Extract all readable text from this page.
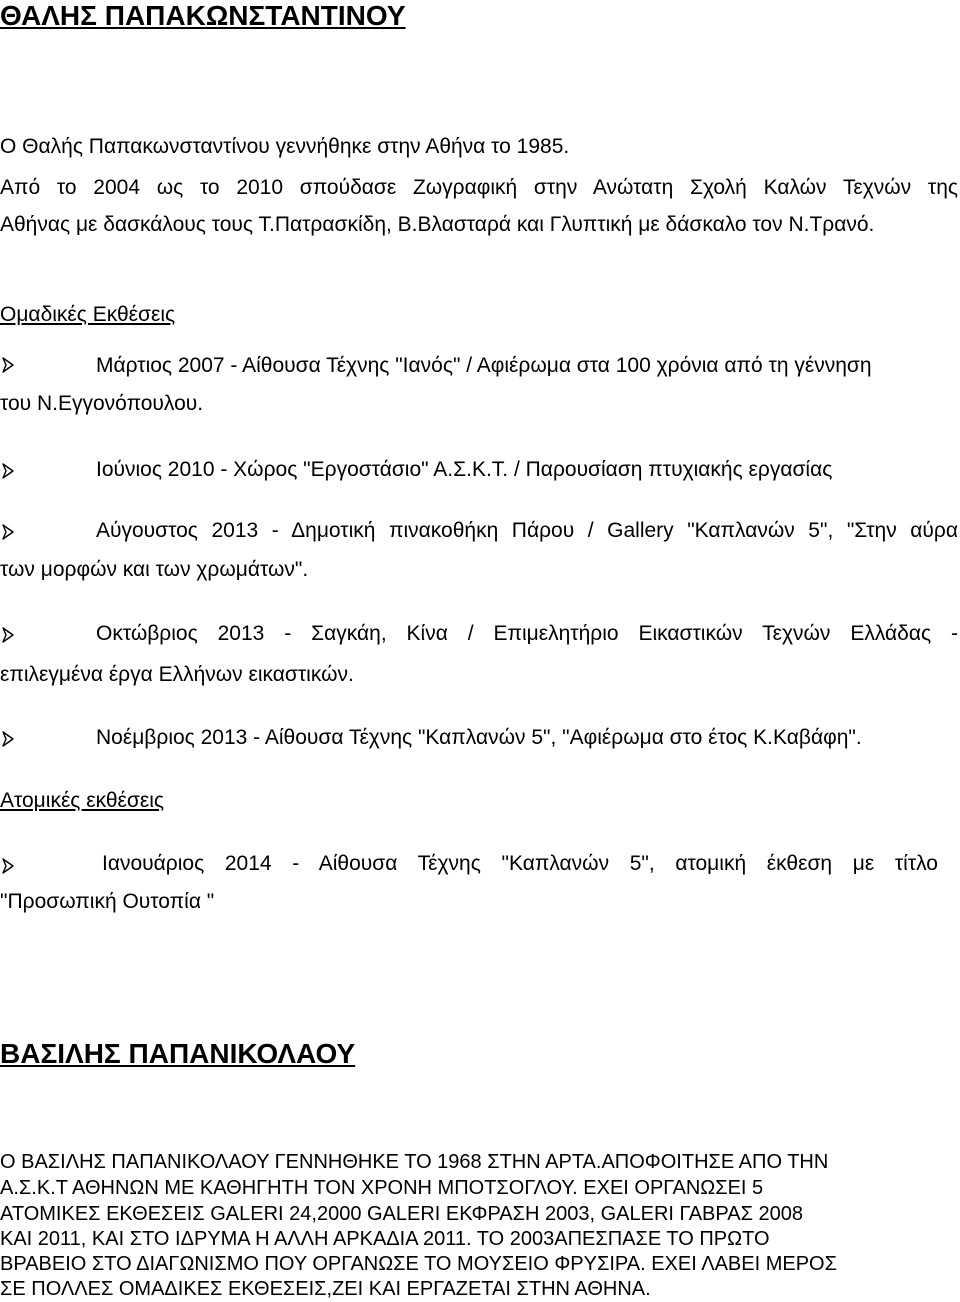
ΘΑΛΗΣ ΠΑΠΑΚΩΝΣΤΑΝΤΙΝΟΥ
Ο Θαλής Παπακωνσταντίνου γεννήθηκε στην Αθήνα το 1985.
Από το 2004 ως το 2010 σπούδασε Ζωγραφική στην Ανώτατη Σχολή Καλών Τεχνών της
Αθήνας με δασκάλους τους Τ.Πατρασκίδη, Β.Βλασταρά και Γλυπτική με δάσκαλο τον Ν.Τρανό.
Ομαδικές Εκθέσεις
Μάρτιος 2007 - Αίθουσα Τέχνης "Ιανός" / Αφιέρωμα στα 100 χρόνια από τη γέννηση
του Ν.Εγγονόπουλου.
Ιούνιος 2010 - Χώρος "Εργοστάσιο" Α.Σ.Κ.Τ. / Παρουσίαση πτυχιακής εργασίας
Αύγουστος 2013 - Δημοτική πινακοθήκη Πάρου / Gallery "Καπλανών 5", "Στην αύρα
των μορφών και των χρωμάτων".
Οκτώβριος 2013 - Σαγκάη, Κίνα / Επιμελητήριο Εικαστικών Τεχνών Ελλάδας -
επιλεγμένα έργα Ελλήνων εικαστικών.
Νοέμβριος 2013 - Αίθουσα Τέχνης "Καπλανών 5", "Αφιέρωμα στο έτος Κ.Καβάφη".
Ατομικές εκθέσεις
Ιανουάριος 2014 - Αίθουσα Τέχνης "Καπλανών 5", ατομική έκθεση με τίτλο
"Προσωπική Ουτοπία "
ΒΑΣΙΛΗΣ ΠΑΠΑΝΙΚΟΛΑΟΥ
Ο ΒΑΣΙΛΗΣ ΠΑΠΑΝΙΚΟΛΑΟΥ ΓΕΝΝΗΘΗΚΕ ΤΟ 1968 ΣΤΗΝ ΑΡΤΑ.ΑΠΟΦΟΙΤΗΣΕ ΑΠΟ ΤΗΝ
Α.Σ.Κ.Τ ΑΘΗΝΩΝ ΜΕ ΚΑΘΗΓΗΤΗ ΤΟΝ ΧΡΟΝΗ ΜΠΟΤΣΟΓΛΟΥ. ΕΧΕΙ ΟΡΓΑΝΩΣΕΙ 5
ΑΤΟΜΙΚΕΣ ΕΚΘΕΣΕΙΣ GALERI 24,2000 GALERI ΕΚΦΡΑΣΗ 2003, GALERI ΓΑΒΡΑΣ 2008
ΚΑΙ 2011, ΚΑΙ ΣΤΟ ΙΔΡΥΜΑ Η ΑΛΛΗ ΑΡΚΑΔΙΑ 2011. ΤΟ 2003ΑΠΕΣΠΑΣΕ ΤΟ ΠΡΩΤΟ
ΒΡΑΒΕΙΟ ΣΤΟ ΔΙΑΓΩΝΙΣΜΟ ΠΟΥ ΟΡΓΑΝΩΣΕ ΤΟ ΜΟΥΣΕΙΟ ΦΡΥΣΙΡΑ. ΕΧΕΙ ΛΑΒΕΙ ΜΕΡΟΣ
ΣΕ ΠΟΛΛΕΣ ΟΜΑΔΙΚΕΣ ΕΚΘΕΣΕΙΣ,ΖΕΙ ΚΑΙ ΕΡΓΑΖΕΤΑΙ ΣΤΗΝ ΑΘΗΝΑ.
